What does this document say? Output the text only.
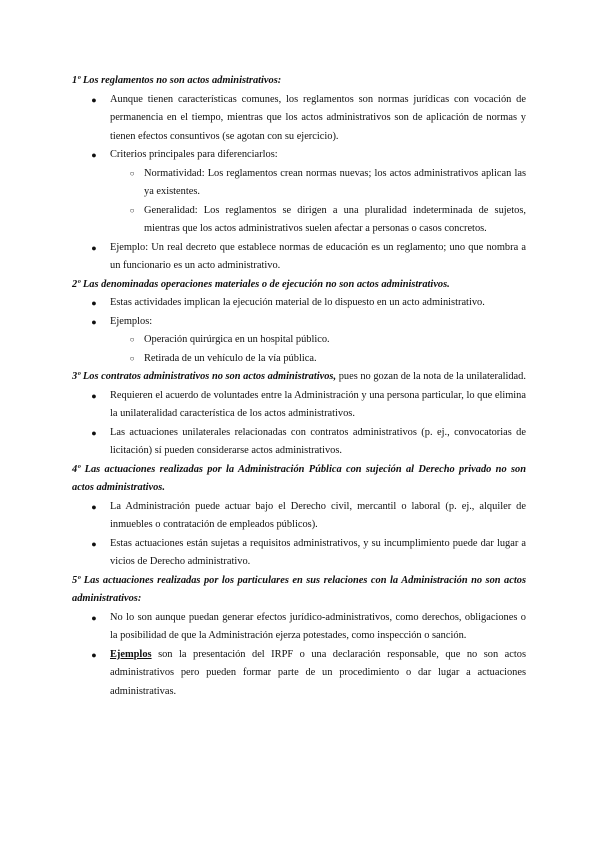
1º Los reglamentos no son actos administrativos:

● Aunque tienen características comunes, los reglamentos son normas jurídicas con vocación de permanencia en el tiempo, mientras que los actos administrativos son de aplicación de normas y tienen efectos consuntivos (se agotan con su ejercicio).
● Criterios principales para diferenciarlos:
○ Normatividad: Los reglamentos crean normas nuevas; los actos administrativos aplican las ya existentes.
○ Generalidad: Los reglamentos se dirigen a una pluralidad indeterminada de sujetos, mientras que los actos administrativos suelen afectar a personas o casos concretos.
● Ejemplo: Un real decreto que establece normas de educación es un reglamento; uno que nombra a un funcionario es un acto administrativo.

2º Las denominadas operaciones materiales o de ejecución no son actos administrativos.

● Estas actividades implican la ejecución material de lo dispuesto en un acto administrativo.
● Ejemplos:
○ Operación quirúrgica en un hospital público.
○ Retirada de un vehículo de la vía pública.

3º Los contratos administrativos no son actos administrativos, pues no gozan de la nota de la unilateralidad.

● Requieren el acuerdo de voluntades entre la Administración y una persona particular, lo que elimina la unilateralidad característica de los actos administrativos.
● Las actuaciones unilaterales relacionadas con contratos administrativos (p. ej., convocatorias de licitación) sí pueden considerarse actos administrativos.

4º Las actuaciones realizadas por la Administración Pública con sujeción al Derecho privado no son actos administrativos.

● La Administración puede actuar bajo el Derecho civil, mercantil o laboral (p. ej., alquiler de inmuebles o contratación de empleados públicos).
● Estas actuaciones están sujetas a requisitos administrativos, y su incumplimiento puede dar lugar a vicios de Derecho administrativo.

5º Las actuaciones realizadas por los particulares en sus relaciones con la Administración no son actos administrativos:

● No lo son aunque puedan generar efectos jurídico-administrativos, como derechos, obligaciones o la posibilidad de que la Administración ejerza potestades, como inspección o sanción.
● Ejemplos son la presentación del IRPF o una declaración responsable, que no son actos administrativos pero pueden formar parte de un procedimiento o dar lugar a actuaciones administrativas.
